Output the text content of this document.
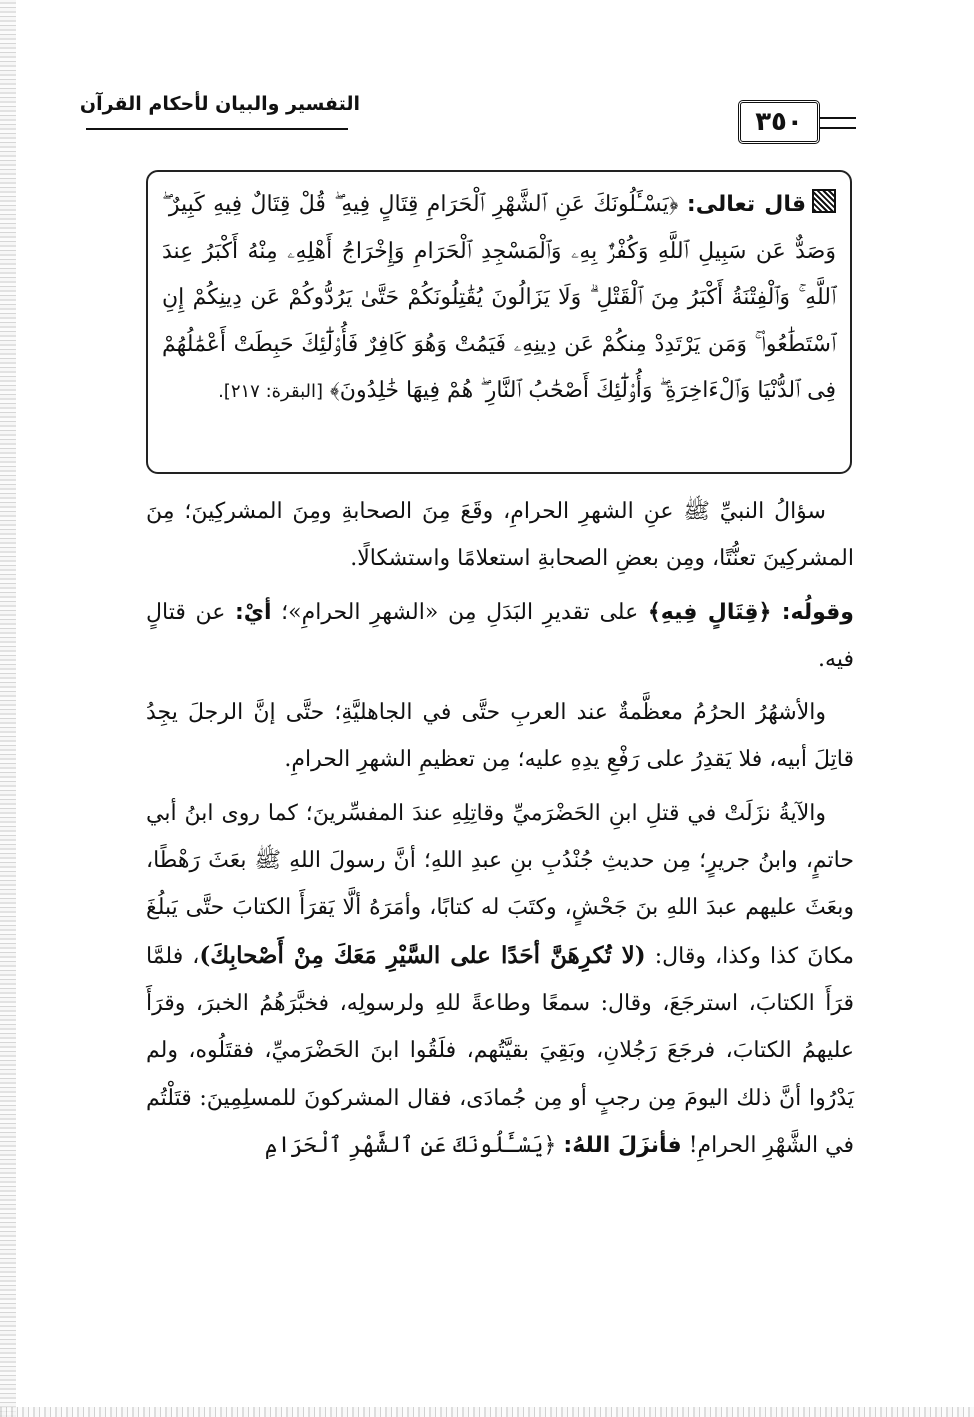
التفسير والبيان لأحكام القرآن
٣٥٠
قال تعالى: ﴿يَسْـَٔلُونَكَ عَنِ ٱلشَّهْرِ ٱلْحَرَامِ قِتَالٍ فِيهِ ۖ قُلْ قِتَالٌ فِيهِ كَبِيرٌ ۖ وَصَدٌّ عَن سَبِيلِ ٱللَّهِ وَكُفْرٌۢ بِهِۦ وَٱلْمَسْجِدِ ٱلْحَرَامِ وَإِخْرَاجُ أَهْلِهِۦ مِنْهُ أَكْبَرُ عِندَ ٱللَّهِ ۚ وَٱلْفِتْنَةُ أَكْبَرُ مِنَ ٱلْقَتْلِ ۗ وَلَا يَزَالُونَ يُقَٰتِلُونَكُمْ حَتَّىٰ يَرُدُّوكُمْ عَن دِينِكُمْ إِنِ ٱسْتَطَٰعُوا۟ ۚ وَمَن يَرْتَدِدْ مِنكُمْ عَن دِينِهِۦ فَيَمُتْ وَهُوَ كَافِرٌ فَأُو۟لَٰٓئِكَ حَبِطَتْ أَعْمَٰلُهُمْ فِى ٱلدُّنْيَا وَٱلْءَاخِرَةِ ۖ وَأُو۟لَٰٓئِكَ أَصْحَٰبُ ٱلنَّارِ ۖ هُمْ فِيهَا خَٰلِدُونَ﴾ [البقرة: ٢١٧].

سؤالُ النبيِّ ﷺ عنِ الشهرِ الحرامِ، وقَعَ مِنَ الصحابةِ ومِنَ المشركِينَ؛ مِنَ المشركِينَ تعنُّتًا، ومِن بعضِ الصحابةِ استعلامًا واستشكالًا.

وقولُه: ﴿قِتَالٍ فِيهِ﴾ على تقديرِ البَدَلِ مِن «الشهرِ الحرامِ»؛ أيْ: عن قتالٍ فيه.

والأشهُرُ الحرُمُ معظَّمةٌ عند العربِ حتَّى في الجاهليَّةِ؛ حتَّى إنَّ الرجلَ يجِدُ قاتِلَ أبيه، فلا يَقدِرُ على رَفْعِ يدِهِ عليه؛ مِن تعظيمِ الشهرِ الحرامِ.

والآيةُ نزَلَتْ في قتلِ ابنِ الحَضْرَميِّ وقاتِلِهِ عندَ المفسِّرينَ؛ كما روى ابنُ أبي حاتمٍ، وابنُ جريرٍ؛ مِن حديثِ جُنْدُبِ بنِ عبدِ اللهِ؛ أنَّ رسولَ اللهِ ﷺ بعَثَ رَهْطًا، وبعَثَ عليهم عبدَ اللهِ بنَ جَحْشٍ، وكتَبَ له كتابًا، وأمَرَهُ ألَّا يَقرَأَ الكتابَ حتَّى يَبلُغَ مكانَ كذا وكذا، وقال: (لا تُكرِهَنَّ أحَدًا على السَّيْرِ مَعَكَ مِنْ أَصْحابِكَ)، فلمَّا قرَأَ الكتابَ، استرجَعَ، وقال: سمعًا وطاعةً للهِ ولرسولِه، فخبَّرَهُمُ الخبرَ، وقرَأَ عليهمُ الكتابَ، فرجَعَ رَجُلانِ، وبَقِيَ بقيَّتُهم، فلَقُوا ابنَ الحَضْرَميِّ، فقتَلُوه، ولم يَدْرُوا أنَّ ذلك اليومَ مِن رجبٍ أو مِن جُمادَى، فقال المشركونَ للمسلِمِينَ: قتَلْتُم في الشَّهْرِ الحرامِ! فأنزَلَ اللهُ: ﴿يَسْـَٔلُونَكَ عَنِ ٱلشَّهْرِ ٱلْحَرَامِ
